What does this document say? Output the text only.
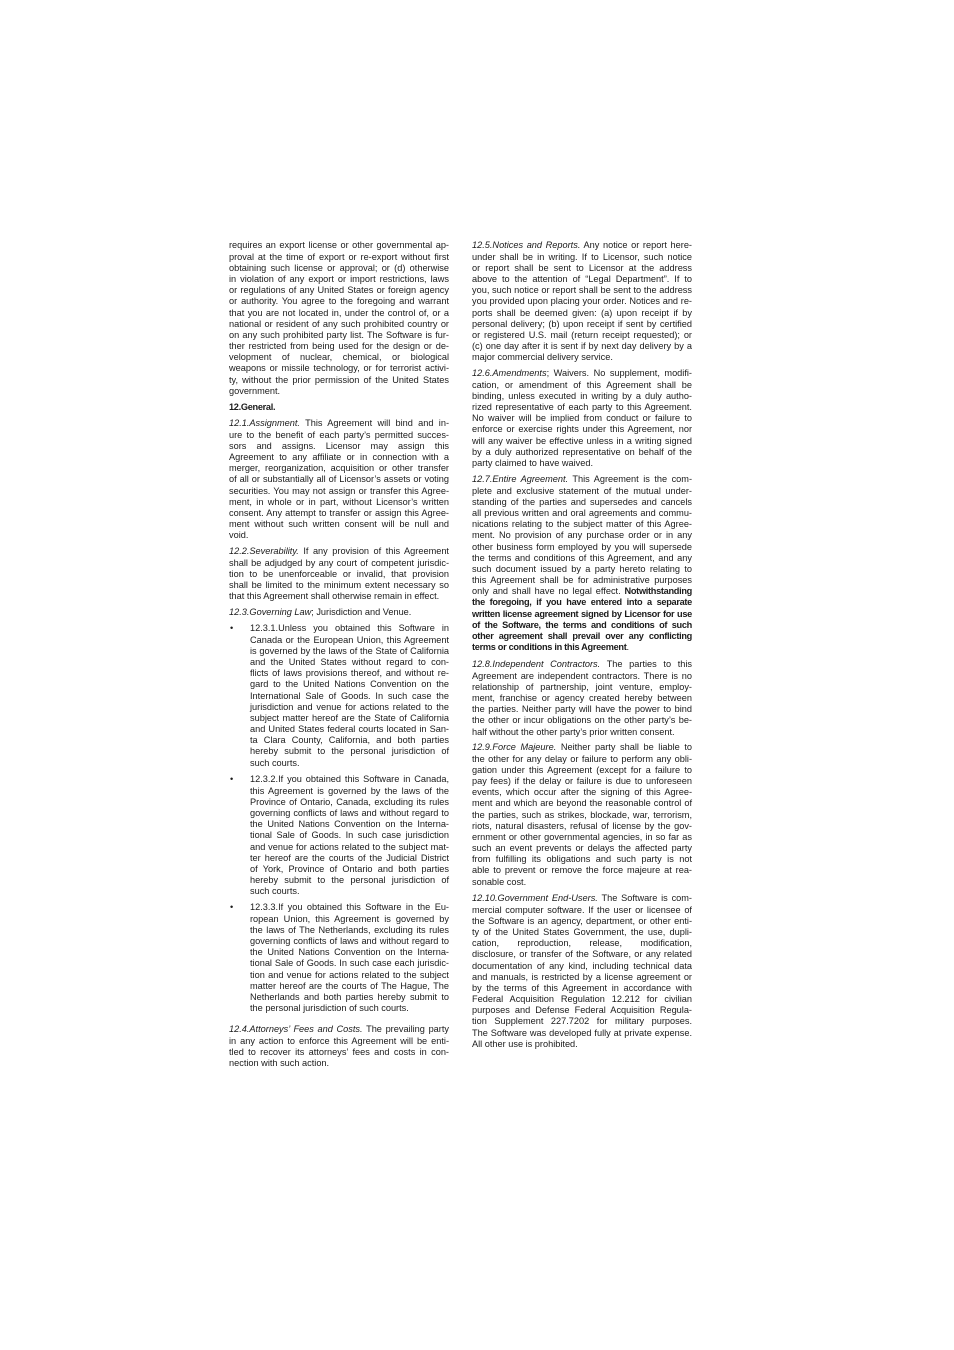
requires an export license or other governmental ap-
proval at the time of export or re-export without first
obtaining such license or approval; or (d) otherwise
in violation of any export or import restrictions, laws
or regulations of any United States or foreign agency
or authority. You agree to the foregoing and warrant
that you are not located in, under the control of, or a
national or resident of any such prohibited country or
on any such prohibited party list. The Software is fur-
ther restricted from being used for the design or de-
velopment of nuclear, chemical, or biological
weapons or missile technology, or for terrorist activi-
ty, without the prior permission of the United States
government.
12.General.
12.1.Assignment. This Agreement will bind and in-
ure to the benefit of each party’s permitted succes-
sors and assigns. Licensor may assign this
Agreement to any affiliate or in connection with a
merger, reorganization, acquisition or other transfer
of all or substantially all of Licensor’s assets or voting
securities. You may not assign or transfer this Agree-
ment, in whole or in part, without Licensor’s written
consent. Any attempt to transfer or assign this Agree-
ment without such written consent will be null and
void.
12.2.Severability. If any provision of this Agreement
shall be adjudged by any court of competent jurisdic-
tion to be unenforceable or invalid, that provision
shall be limited to the minimum extent necessary so
that this Agreement shall otherwise remain in effect.
12.3.Governing Law; Jurisdiction and Venue.
• 12.3.1.Unless you obtained this Software in
Canada or the European Union, this Agreement
is governed by the laws of the State of California
and the United States without regard to con-
flicts of laws provisions thereof, and without re-
gard to the United Nations Convention on the
International Sale of Goods. In such case the
jurisdiction and venue for actions related to the
subject matter hereof are the State of California
and United States federal courts located in San-
ta Clara County, California, and both parties
hereby submit to the personal jurisdiction of
such courts.
• 12.3.2.If you obtained this Software in Canada,
this Agreement is governed by the laws of the
Province of Ontario, Canada, excluding its rules
governing conflicts of laws and without regard to
the United Nations Convention on the Interna-
tional Sale of Goods. In such case jurisdiction
and venue for actions related to the subject mat-
ter hereof are the courts of the Judicial District
of York, Province of Ontario and both parties
hereby submit to the personal jurisdiction of
such courts.
• 12.3.3.If you obtained this Software in the Eu-
ropean Union, this Agreement is governed by
the laws of The Netherlands, excluding its rules
governing conflicts of laws and without regard to
the United Nations Convention on the Interna-
tional Sale of Goods. In such case each jurisdic-
tion and venue for actions related to the subject
matter hereof are the courts of The Hague, The
Netherlands and both parties hereby submit to
the personal jurisdiction of such courts.
12.4.Attorneys’ Fees and Costs. The prevailing party
in any action to enforce this Agreement will be enti-
tled to recover its attorneys’ fees and costs in con-
nection with such action.
12.5.Notices and Reports. Any notice or report here-
under shall be in writing. If to Licensor, such notice
or report shall be sent to Licensor at the address
above to the attention of “Legal Department”. If to
you, such notice or report shall be sent to the address
you provided upon placing your order. Notices and re-
ports shall be deemed given: (a) upon receipt if by
personal delivery; (b) upon receipt if sent by certified
or registered U.S. mail (return receipt requested); or
(c) one day after it is sent if by next day delivery by a
major commercial delivery service.
12.6.Amendments; Waivers. No supplement, modifi-
cation, or amendment of this Agreement shall be
binding, unless executed in writing by a duly autho-
rized representative of each party to this Agreement.
No waiver will be implied from conduct or failure to
enforce or exercise rights under this Agreement, nor
will any waiver be effective unless in a writing signed
by a duly authorized representative on behalf of the
party claimed to have waived.
12.7.Entire Agreement. This Agreement is the com-
plete and exclusive statement of the mutual under-
standing of the parties and supersedes and cancels
all previous written and oral agreements and commu-
nications relating to the subject matter of this Agree-
ment. No provision of any purchase order or in any
other business form employed by you will supersede
the terms and conditions of this Agreement, and any
such document issued by a party hereto relating to
this Agreement shall be for administrative purposes
only and shall have no legal effect. Notwithstanding
the foregoing, if you have entered into a separate
written license agreement signed by Licensor for use
of the Software, the terms and conditions of such
other agreement shall prevail over any conflicting
terms or conditions in this Agreement.
12.8.Independent Contractors. The parties to this
Agreement are independent contractors. There is no
relationship of partnership, joint venture, employ-
ment, franchise or agency created hereby between
the parties. Neither party will have the power to bind
the other or incur obligations on the other party’s be-
half without the other party’s prior written consent.
12.9.Force Majeure. Neither party shall be liable to
the other for any delay or failure to perform any obli-
gation under this Agreement (except for a failure to
pay fees) if the delay or failure is due to unforeseen
events, which occur after the signing of this Agree-
ment and which are beyond the reasonable control of
the parties, such as strikes, blockade, war, terrorism,
riots, natural disasters, refusal of license by the gov-
ernment or other governmental agencies, in so far as
such an event prevents or delays the affected party
from fulfilling its obligations and such party is not
able to prevent or remove the force majeure at rea-
sonable cost.
12.10.Government End-Users. The Software is com-
mercial computer software. If the user or licensee of
the Software is an agency, department, or other enti-
ty of the United States Government, the use, dupli-
cation, reproduction, release, modification,
disclosure, or transfer of the Software, or any related
documentation of any kind, including technical data
and manuals, is restricted by a license agreement or
by the terms of this Agreement in accordance with
Federal Acquisition Regulation 12.212 for civilian
purposes and Defense Federal Acquisition Regula-
tion Supplement 227.7202 for military purposes.
The Software was developed fully at private expense.
All other use is prohibited.
